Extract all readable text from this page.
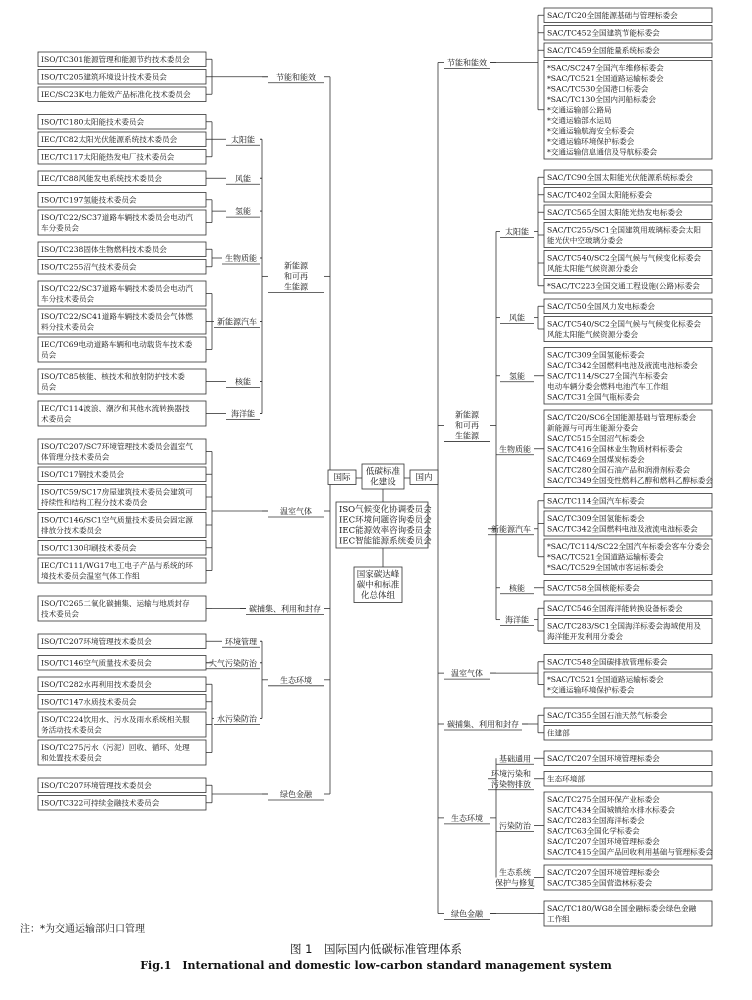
ISO/TC301能源管理和能源节约技术委员会
ISO/TC205建筑环境设计技术委员会
IEC/SC23K电力能效产品标准化技术委员会
节能和能效
ISO/TC180太阳能技术委员会
IEC/TC82太阳光伏能源系统技术委员会
IEC/TC117太阳能热发电厂技术委员会
太阳能
IEC/TC88风能发电系统技术委员会	风能
ISO/TC197氢能技术委员会
ISO/TC22/SC37道路车辆技术委员会电动汽
车分委员会
氢能
ISO/TC238固体生物燃料技术委员会
ISO/TC255沼气技术委员会
生物质能
ISO/TC22/SC37道路车辆技术委员会电动汽
车分技术委员会
ISO/TC22/SC41道路车辆技术委员会气体燃
料分技术委员会
IEC/TC69电动道路车辆和电动载货车技术委
员会
新能源汽车
ISO/TC85核能、核技术和放射防护技术委
员会
核能
IEC/TC114波浪、潮汐和其他水流转换器技
术委员会
海洋能
新能源
和可再
生能源
ISO/TC207/SC7环境管理技术委员会温室气
体管理分技术委员会
ISO/TC17钢技术委员会
ISO/TC59/SC17房屋建筑技术委员会建筑可
持续性和结构工程分技术委员会
ISO/TC146/SC1空气质量技术委员会固定源
排放分技术委员会
ISO/TC130印刷技术委员会
IEC/TC111/WG17电工电子产品与系统的环
境技术委员会温室气体工作组
温室气体
ISO/TC265二氧化碳捕集、运输与地质封存
技术委员会
碳捕集、利用和封存
ISO/TC207环境管理技术委员会	环境管理
ISO/TC146空气质量技术委员会	大气污染防治
ISO/TC282水再利用技术委员会
ISO/TC147水质技术委员会
ISO/TC224饮用水、污水及雨水系统相关服
务活动技术委员会
ISO/TC275污水（污泥）回收、循环、处理
和处置技术委员会
水污染防治
生态环境
ISO/TC207环境管理技术委员会
ISO/TC322可持续金融技术委员会
绿色金融
SAC/TC20全国能源基础与管理标委会
SAC/TC452全国建筑节能标委会
SAC/TC459全国能量系统标委会
*SAC/SC247全国汽车维修标委会
*SAC/TC521全国道路运输标委会
*SAC/TC530全国港口标委会
*SAC/TC130全国内河船标委会
*交通运输部公路局
*交通运输部水运局
*交通运输航海安全标委会
*交通运输环境保护标委会
*交通运输信息通信及导航标委会
节能和能效
SAC/TC90全国太阳能光伏能源系统标委会
SAC/TC402全国太阳能标委会
SAC/TC565全国太阳能光热发电标委会
SAC/TC255/SC1全国建筑用玻璃标委会太阳
能光伏中空玻璃分委会
SAC/TC540/SC2全国气候与气候变化标委会
风能太阳能气候资源分委会
*SAC/TC223全国交通工程设施(公路)标委会
太阳能
SAC/TC50全国风力发电标委会
SAC/TC540/SC2全国气候与气候变化标委会
风能太阳能气候资源分委会
风能
SAC/TC309全国氢能标委会
SAC/TC342全国燃料电池及液流电池标委会
SAC/TC114/SC27全国汽车标委会
电动车辆分委会燃料电池汽车工作组
SAC/TC31全国气瓶标委会
氢能
SAC/TC20/SC6全国能源基础与管理标委会
新能源与可再生能源分委会
SAC/TC515全国沼气标委会
SAC/TC416全国林业生物质材料标委会
SAC/TC469全国煤炭标委会
SAC/TC280全国石油产品和润滑剂标委会
SAC/TC349全国变性燃料乙醇和燃料乙醇标委会
生物质能
SAC/TC114全国汽车标委会
SAC/TC309全国氢能标委会
SAC/TC342全国燃料电池及液流电池标委会
*SAC/TC114/SC22全国汽车标委会客车分委会
*SAC/TC521全国道路运输标委会
*SAC/TC529全国城市客运标委会
新能源汽车
SAC/TC58全国核能标委会
核能
SAC/TC546全国海洋能转换设备标委会
SAC/TC283/SC1全国海洋标委会海域使用及
海洋能开发利用分委会
海洋能
新能源
和可再
生能源
SAC/TC548全国碳排放管理标委会
*SAC/TC521全国道路运输标委会
*交通运输环境保护标委会
温室气体
SAC/TC355全国石油天然气标委会
住建部
碳捕集、利用和封存
SAC/TC207全国环境管理标委会
基础通用
生态环境部
环境污染和
污染物排放
SAC/TC275全国环保产业标委会
SAC/TC434全国城镇给水排水标委会
SAC/TC283全国海洋标委会
SAC/TC63全国化学标委会
SAC/TC207全国环境管理标委会
SAC/TC415全国产品回收利用基础与管理标委会
污染防治
SAC/TC207全国环境管理标委会
SAC/TC385全国营造林标委会
生态系统
保护与修复
生态环境
SAC/TC180/WG8全国金融标委会绿色金融
工作组
绿色金融
国际
低碳标准
化建设 国内
ISO气候变化协调委员会
IEC环境问题咨询委员会
IEC能源效率咨询委员会
IEC智能能源系统委员会
国家碳达峰
碳中和标准
化总体组
注：*为交通运输部归口管理
图 1　国际国内低碳标准管理体系
Fig.1　International and domestic low-carbon standard management system
